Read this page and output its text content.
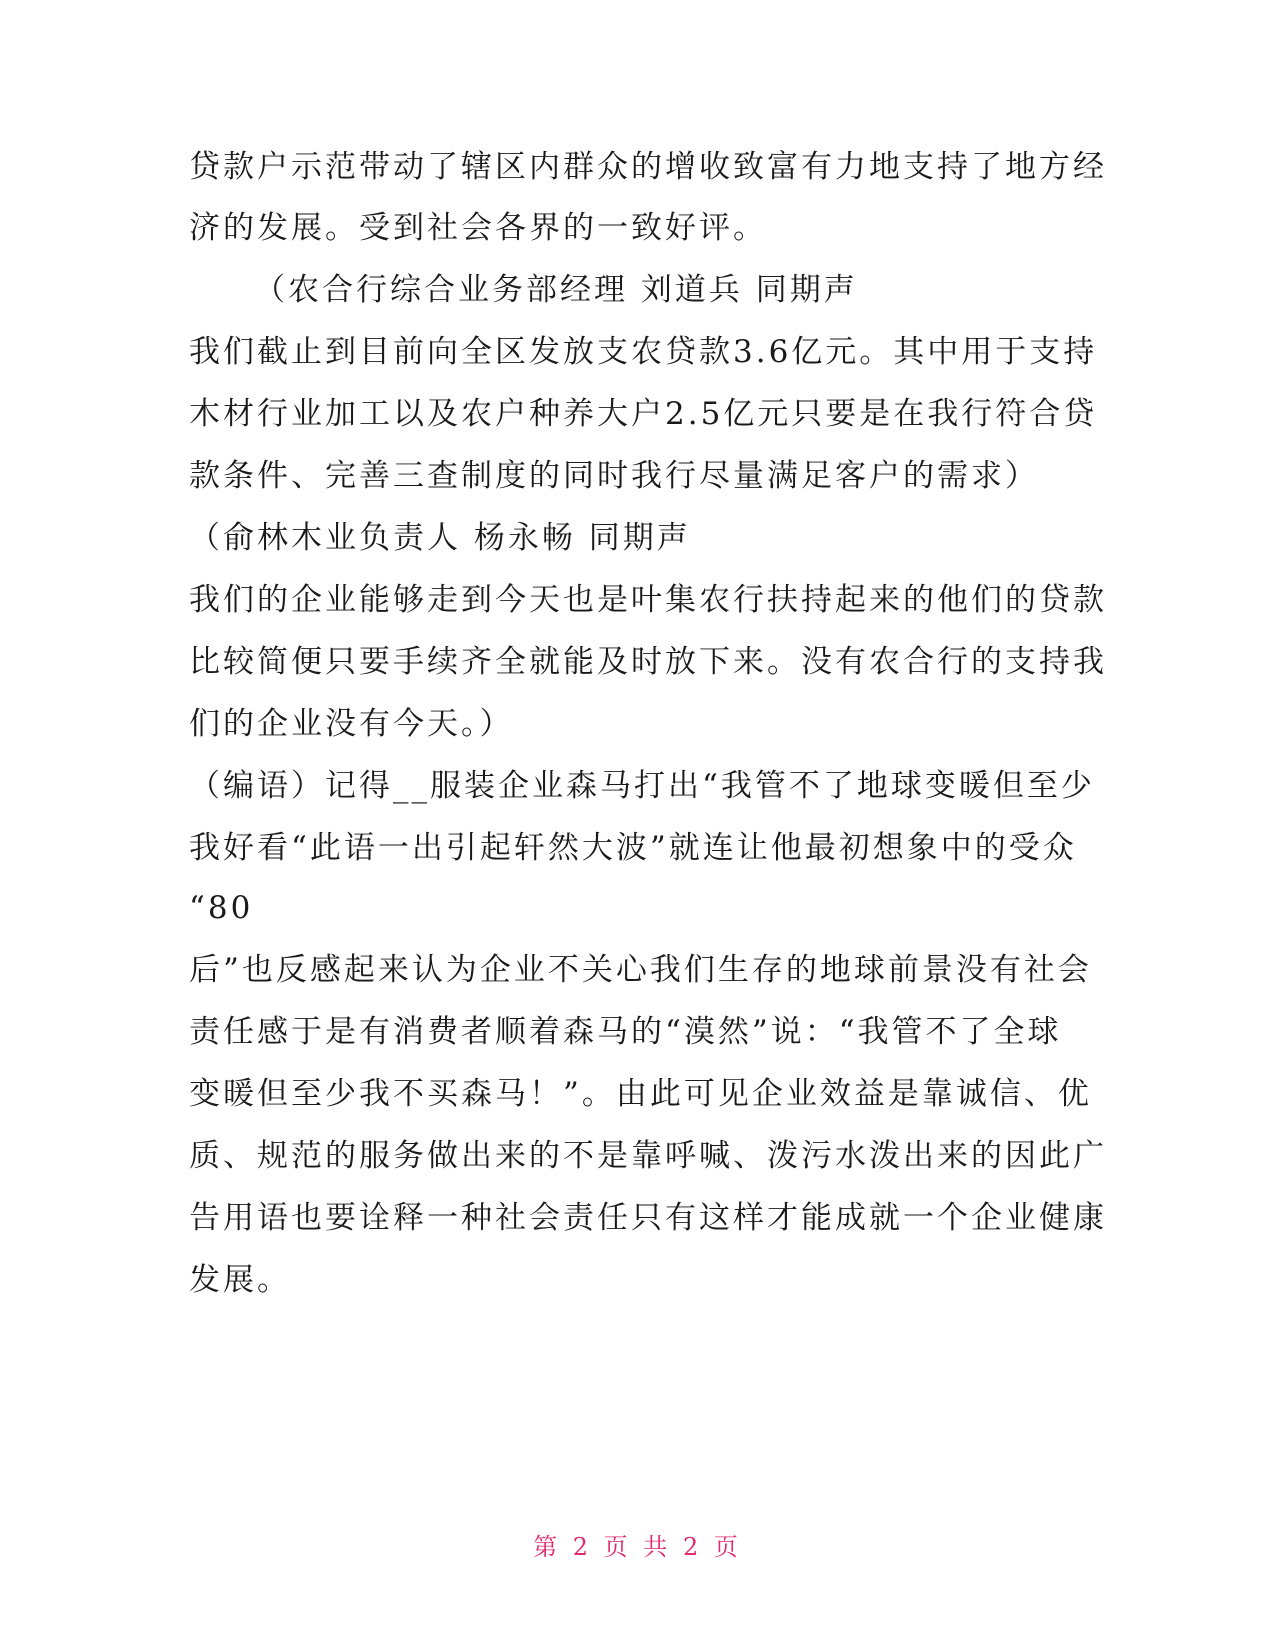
贷款户示范带动了辖区内群众的增收致富有力地支持了地方经
济的发展。受到社会各界的一致好评。
（农合行综合业务部经理 刘道兵 同期声
我们截止到目前向全区发放支农贷款3.6亿元。其中用于支持
木材行业加工以及农户种养大户2.5亿元只要是在我行符合贷
款条件、完善三查制度的同时我行尽量满足客户的需求）
（俞林木业负责人 杨永畅 同期声
我们的企业能够走到今天也是叶集农行扶持起来的他们的贷款
比较简便只要手续齐全就能及时放下来。没有农合行的支持我
们的企业没有今天。）
（编语）记得__服装企业森马打出“我管不了地球变暖但至少
我好看“此语一出引起轩然大波”就连让他最初想象中的受众
“80
后”也反感起来认为企业不关心我们生存的地球前景没有社会
责任感于是有消费者顺着森马的“漠然”说：“我管不了全球
变暖但至少我不买森马！”。由此可见企业效益是靠诚信、优
质、规范的服务做出来的不是靠呼喊、泼污水泼出来的因此广
告用语也要诠释一种社会责任只有这样才能成就一个企业健康
发展。
第 2 页 共 2 页
